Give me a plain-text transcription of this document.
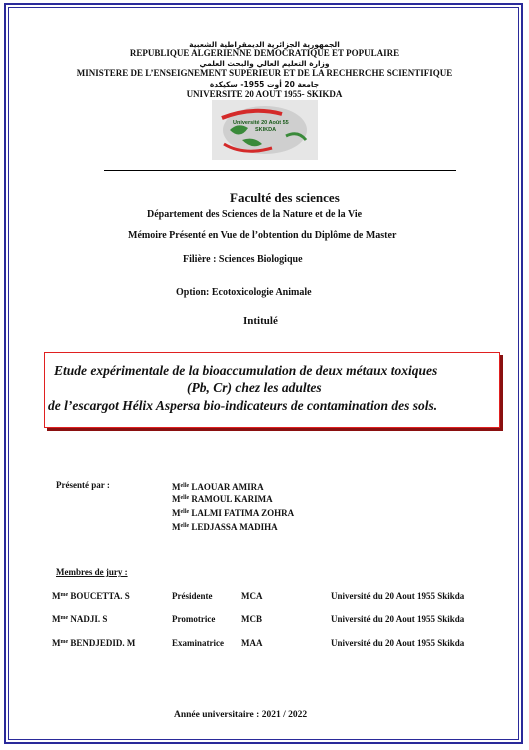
الجمهورية الجزائرية الديمقراطية الشعبية
REPUBLIQUE ALGERIENNE DEMOCRATIQUE ET POPULAIRE
وزارة التعليم العالي والبحث العلمي
MINISTERE DE L’ENSEIGNEMENT SUPERIEUR ET DE LA RECHERCHE SCIENTIFIQUE
جامعة 20 أوت 1955- سكيكدة
UNIVERSITE 20 AOUT 1955- SKIKDA
Université 20 Août 55
SKIKDA
Faculté des sciences
Département des Sciences de la Nature et de la Vie
Mémoire Présenté en Vue de l’obtention du Diplôme de Master
Filière : Sciences Biologique
Option: Ecotoxicologie Animale
Intitulé
Etude expérimentale de la bioaccumulation de deux métaux toxiques
(Pb, Cr) chez les adultes
de l’escargot Hélix Aspersa bio-indicateurs de contamination des sols.
Présenté par :	$M^{elle}$ LAOUAR AMIRA
$M^{elle}$ RAMOUL KARIMA
$M^{elle}$ LALMI FATIMA ZOHRA
$M^{elle}$ LEDJASSA MADIHA
Membres de jury :
$M^{me}$ BOUCETTA. S	Présidente	MCA	Université du 20 Aout 1955 Skikda
$M^{me}$ NADJI. S	Promotrice	MCB	Université du 20 Aout 1955 Skikda
$M^{me}$ BENDJEDID. M	Examinatrice MAA	Université du 20 Aout 1955 Skikda
Année universitaire : 2021 / 2022
